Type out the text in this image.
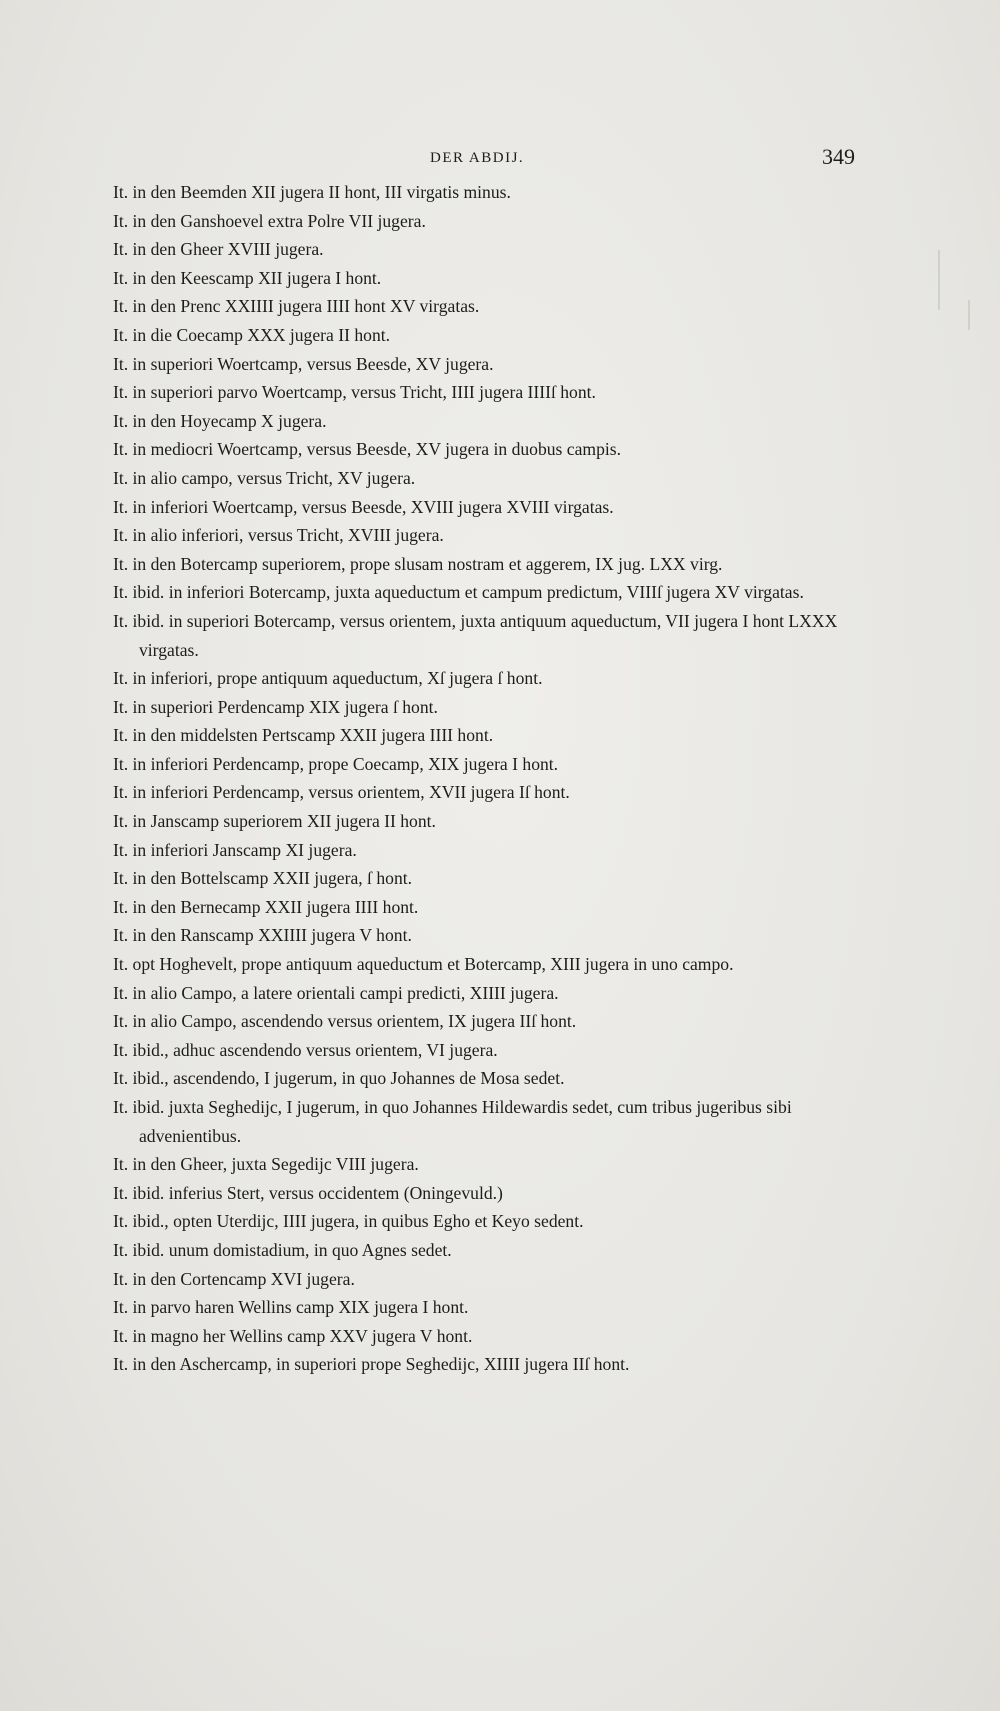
DER ABDIJ.	349
It. in den Beemden XII jugera II hont, III virgatis minus.
It. in den Ganshoevel extra Polre VII jugera.
It. in den Gheer XVIII jugera.
It. in den Keescamp XII jugera I hont.
It. in den Prenc XXIIII jugera IIII hont XV virgatas.
It. in die Coecamp XXX jugera II hont.
It. in superiori Woertcamp, versus Beesde, XV jugera.
It. in superiori parvo Woertcamp, versus Tricht, IIII jugera IIIIſ hont.
It. in den Hoyecamp X jugera.
It. in mediocri Woertcamp, versus Beesde, XV jugera in duobus campis.
It. in alio campo, versus Tricht, XV jugera.
It. in inferiori Woertcamp, versus Beesde, XVIII jugera XVIII virgatas.
It. in alio inferiori, versus Tricht, XVIII jugera.
It. in den Botercamp superiorem, prope slusam nostram et aggerem, IX jug. LXX virg.
It. ibid. in inferiori Botercamp, juxta aqueductum et campum predictum, VIIIſ jugera XV virgatas.
It. ibid. in superiori Botercamp, versus orientem, juxta antiquum aqueductum, VII jugera I hont LXXX virgatas.
It. in inferiori, prope antiquum aqueductum, Xſ jugera ſ hont.
It. in superiori Perdencamp XIX jugera ſ hont.
It. in den middelsten Pertscamp XXII jugera IIII hont.
It. in inferiori Perdencamp, prope Coecamp, XIX jugera I hont.
It. in inferiori Perdencamp, versus orientem, XVII jugera Iſ hont.
It. in Janscamp superiorem XII jugera II hont.
It. in inferiori Janscamp XI jugera.
It. in den Bottelscamp XXII jugera, ſ hont.
It. in den Bernecamp XXII jugera IIII hont.
It. in den Ranscamp XXIIII jugera V hont.
It. opt Hoghevelt, prope antiquum aqueductum et Botercamp, XIII jugera in uno campo.
It. in alio Campo, a latere orientali campi predicti, XIIII jugera.
It. in alio Campo, ascendendo versus orientem, IX jugera IIſ hont.
It. ibid., adhuc ascendendo versus orientem, VI jugera.
It. ibid., ascendendo, I jugerum, in quo Johannes de Mosa sedet.
It. ibid. juxta Seghedijc, I jugerum, in quo Johannes Hildewardis sedet, cum tribus jugeribus sibi advenientibus.
It. in den Gheer, juxta Segedijc VIII jugera.
It. ibid. inferius Stert, versus occidentem (Oningevuld.)
It. ibid., opten Uterdijc, IIII jugera, in quibus Egho et Keyo sedent.
It. ibid. unum domistadium, in quo Agnes sedet.
It. in den Cortencamp XVI jugera.
It. in parvo haren Wellins camp XIX jugera I hont.
It. in magno her Wellins camp XXV jugera V hont.
It. in den Aschercamp, in superiori prope Seghedijc, XIIII jugera IIſ hont.
